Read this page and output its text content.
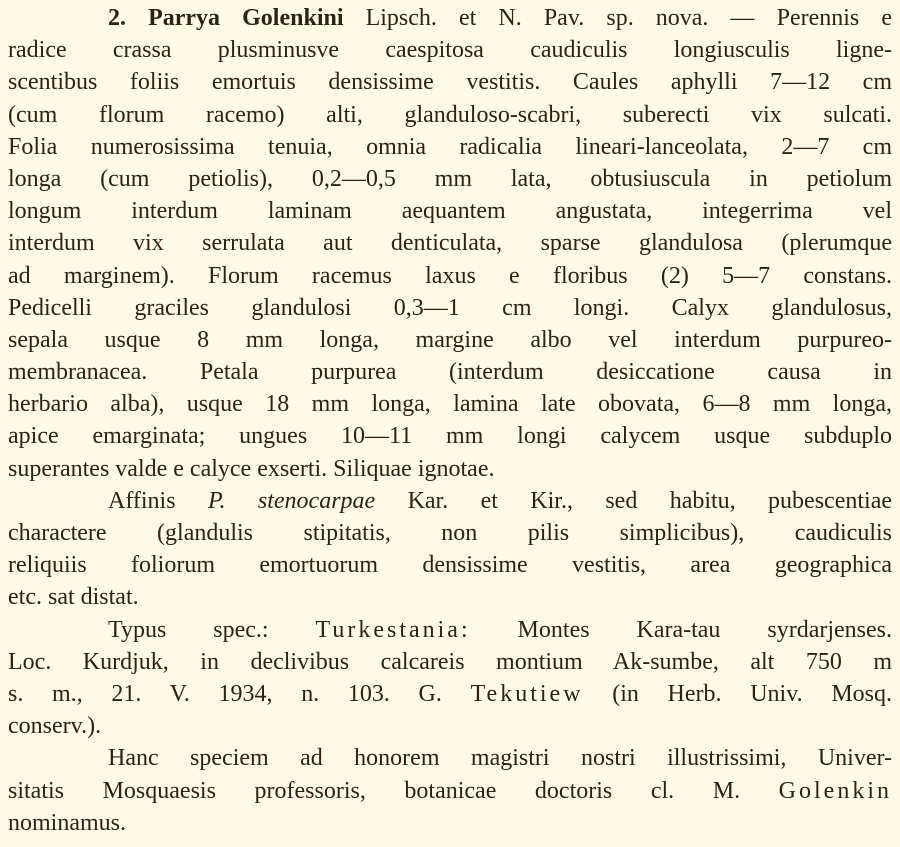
2. Parrya Golenkini Lipsch. et N. Pav. sp. nova. — Perennis e
radice crassa plusminusve caespitosa caudiculis longiusculis ligne-
scentibus foliis emortuis densissime vestitis. Caules aphylli 7—12 cm
(cum florum racemo) alti, glanduloso-scabri, suberecti vix sulcati.
Folia numerosissima tenuia, omnia radicalia lineari-lanceolata, 2—7 cm
longa (cum petiolis), 0,2—0,5 mm lata, obtusiuscula in petiolum
longum interdum laminam aequantem angustata, integerrima vel
interdum vix serrulata aut denticulata, sparse glandulosa (plerumque
ad marginem). Florum racemus laxus e floribus (2) 5—7 constans.
Pedicelli graciles glandulosi 0,3—1 cm longi. Calyx glandulosus,
sepala usque 8 mm longa, margine albo vel interdum purpureo-
membranacea. Petala purpurea (interdum desiccatione causa in
herbario alba), usque 18 mm longa, lamina late obovata, 6—8 mm longa,
apice emarginata; ungues 10—11 mm longi calycem usque subduplo
superantes valde e calyce exserti. Siliquae ignotae.
Affinis P. stenocarpae Kar. et Kir., sed habitu, pubescentiae
charactere (glandulis stipitatis, non pilis simplicibus), caudiculis
reliquiis foliorum emortuorum densissime vestitis, area geographica
etc. sat distat.
Typus spec.: Turkestania: Montes Kara-tau syrdarjenses.
Loc. Kurdjuk, in declivibus calcareis montium Ak-sumbe, alt 750 m
s. m., 21. V. 1934, n. 103. G. Tekutiew (in Herb. Univ. Mosq.
conserv.).
Hanc speciem ad honorem magistri nostri illustrissimi, Univer-
sitatis Mosquaesis professoris, botanicae doctoris cl. M. Golenkin
nominamus.
